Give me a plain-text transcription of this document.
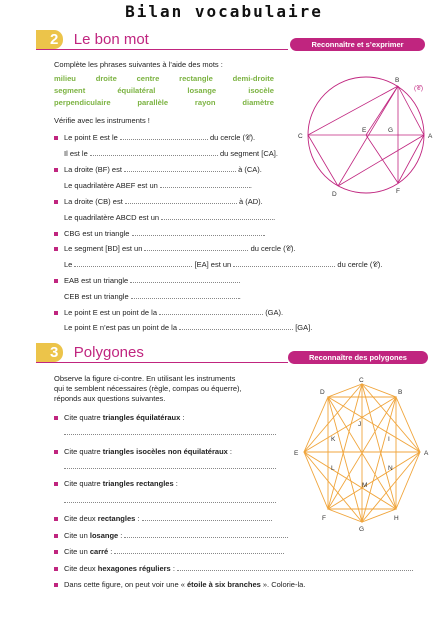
Bilan vocabulaire
2 Le bon mot	Reconnaître et s’exprimer
Complète les phrases suivantes à l’aide des mots :
milieu	droite	centre	rectangle	demi-droite
segment	équilatéral	losange	isocèle
perpendiculaire	parallèle	rayon	diamètre
Vérifie avec les instruments !
Le point E est le	du cercle (𝒞).
Il est le	du segment [CA].
La droite (BF) est	à (CA).
Le quadrilatère ABEF est un	.
La droite (CB) est	à (AD).
Le quadrilatère ABCD est un	.
CBG est un triangle	.
Le segment [BD] est un	du cercle (𝒞).
Le	[EA] est un	du cercle (𝒞).
EAB est un triangle	.
CEB est un triangle	.
Le point E est un point de la	(GA).
Le point E n’est pas un point de la	[GA].
B
(𝒞)
C	A
E	G
D	F
3 Polygones	Reconnaître des polygones
Observe la figure ci-contre. En utilisant les instruments
qui te semblent nécessaires (règle, compas ou équerre),
réponds aux questions suivantes.
Cite quatre triangles équilatéraux :
Cite quatre triangles isocèles non équilatéraux :
Cite quatre triangles rectangles :
Cite deux rectangles :
Cite un losange :
Cite un carré :
Cite deux hexagones réguliers :
Dans cette figure, on peut voir une « étoile à six branches ». Colorie-la.
C
D	B
E	A
J
K	I
L	N
M
F
G
H
